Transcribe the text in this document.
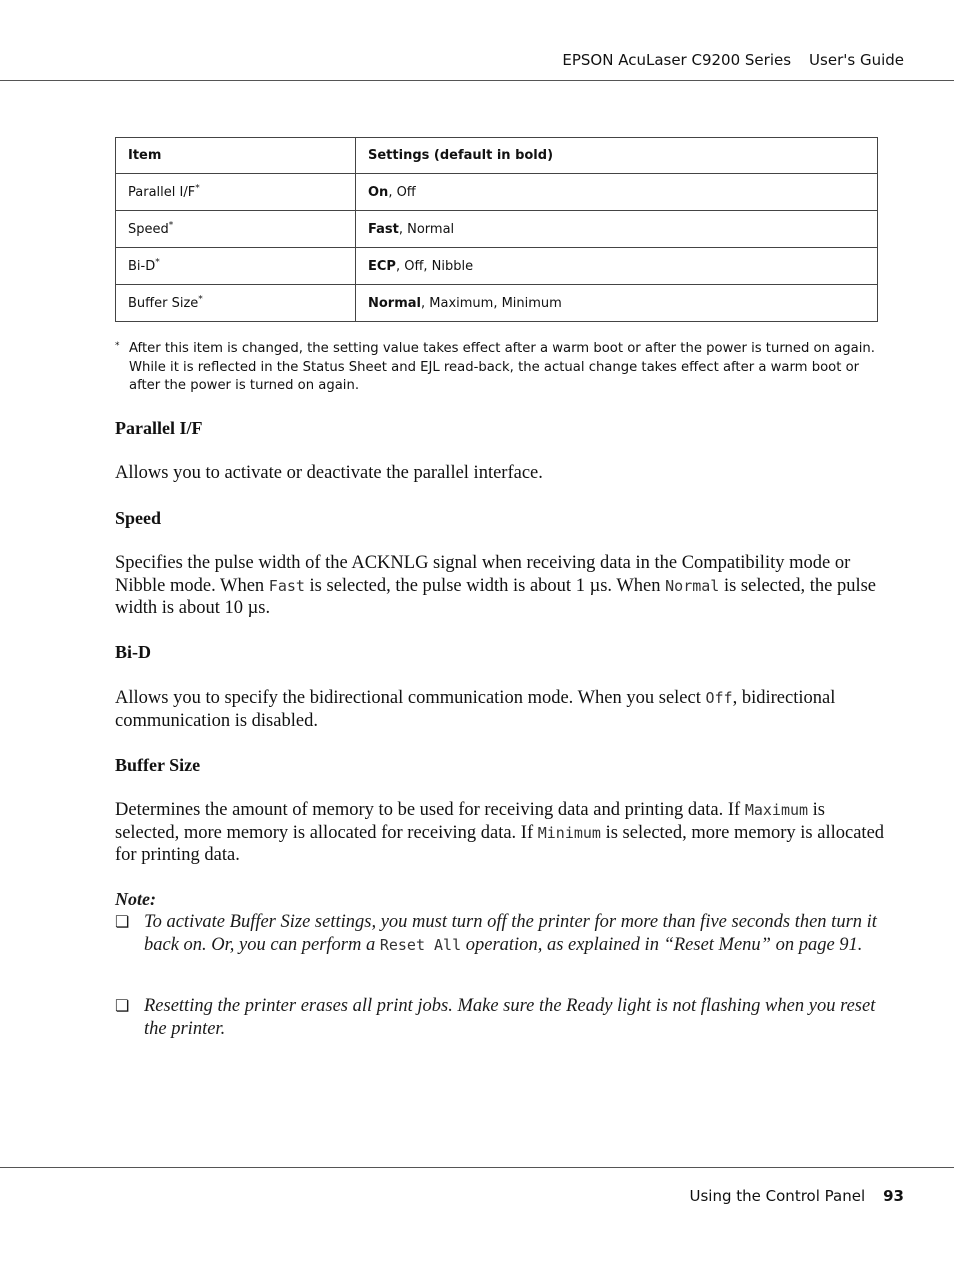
EPSON AcuLaser C9200 Series User's Guide
Item	Settings (default in bold)
Parallel I/F*	On, Off
Speed*	Fast, Normal
Bi-D*	ECP, Off, Nibble
Buffer Size*	Normal, Maximum, Minimum
* After this item is changed, the setting value takes effect after a warm boot or after the power is turned on again. While it is reflected in the Status Sheet and EJL read-back, the actual change takes effect after a warm boot or after the power is turned on again.
Parallel I/F
Allows you to activate or deactivate the parallel interface.
Speed
Specifies the pulse width of the ACKNLG signal when receiving data in the Compatibility mode or Nibble mode. When Fast is selected, the pulse width is about 1 µs. When Normal is selected, the pulse width is about 10 µs.
Bi-D
Allows you to specify the bidirectional communication mode. When you select Off, bidirectional communication is disabled.
Buffer Size
Determines the amount of memory to be used for receiving data and printing data. If Maximum is selected, more memory is allocated for receiving data. If Minimum is selected, more memory is allocated for printing data.
Note:
❏ To activate Buffer Size settings, you must turn off the printer for more than five seconds then turn it back on. Or, you can perform a Reset All operation, as explained in “Reset Menu” on page 91.
❏ Resetting the printer erases all print jobs. Make sure the Ready light is not flashing when you reset the printer.
Using the Control Panel 93
